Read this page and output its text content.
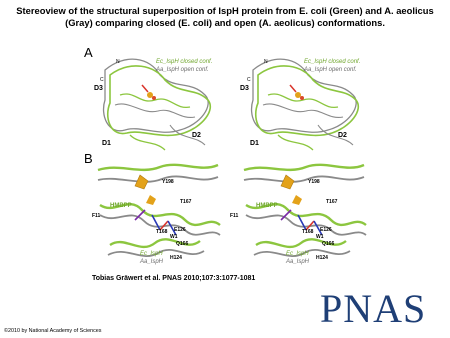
Stereoview of the structural superposition of IspH protein from E. coli (Green) and A. aeolicus (Gray) comparing closed (E. coli) and open (A. aeolicus) conformations.
A
Ec_IspH closed conf.
Aa_IspH open conf.
Ec_IspH closed conf.
Aa_IspH open conf.
D3
D2
D1
D3
D2
D1
N
C
N
C
B
Y198
T167
T168 E126
W1
Q166
H124
F11
HMBPP
Y198
T167
T168 E126
W1
Q166
H124
F11
HMBPP
Ec_IspH
Aa_IspH
Ec_IspH
Aa_IspH
Tobias Gräwert et al. PNAS 2010;107:3:1077-1081
PNAS
©2010 by National Academy of Sciences
